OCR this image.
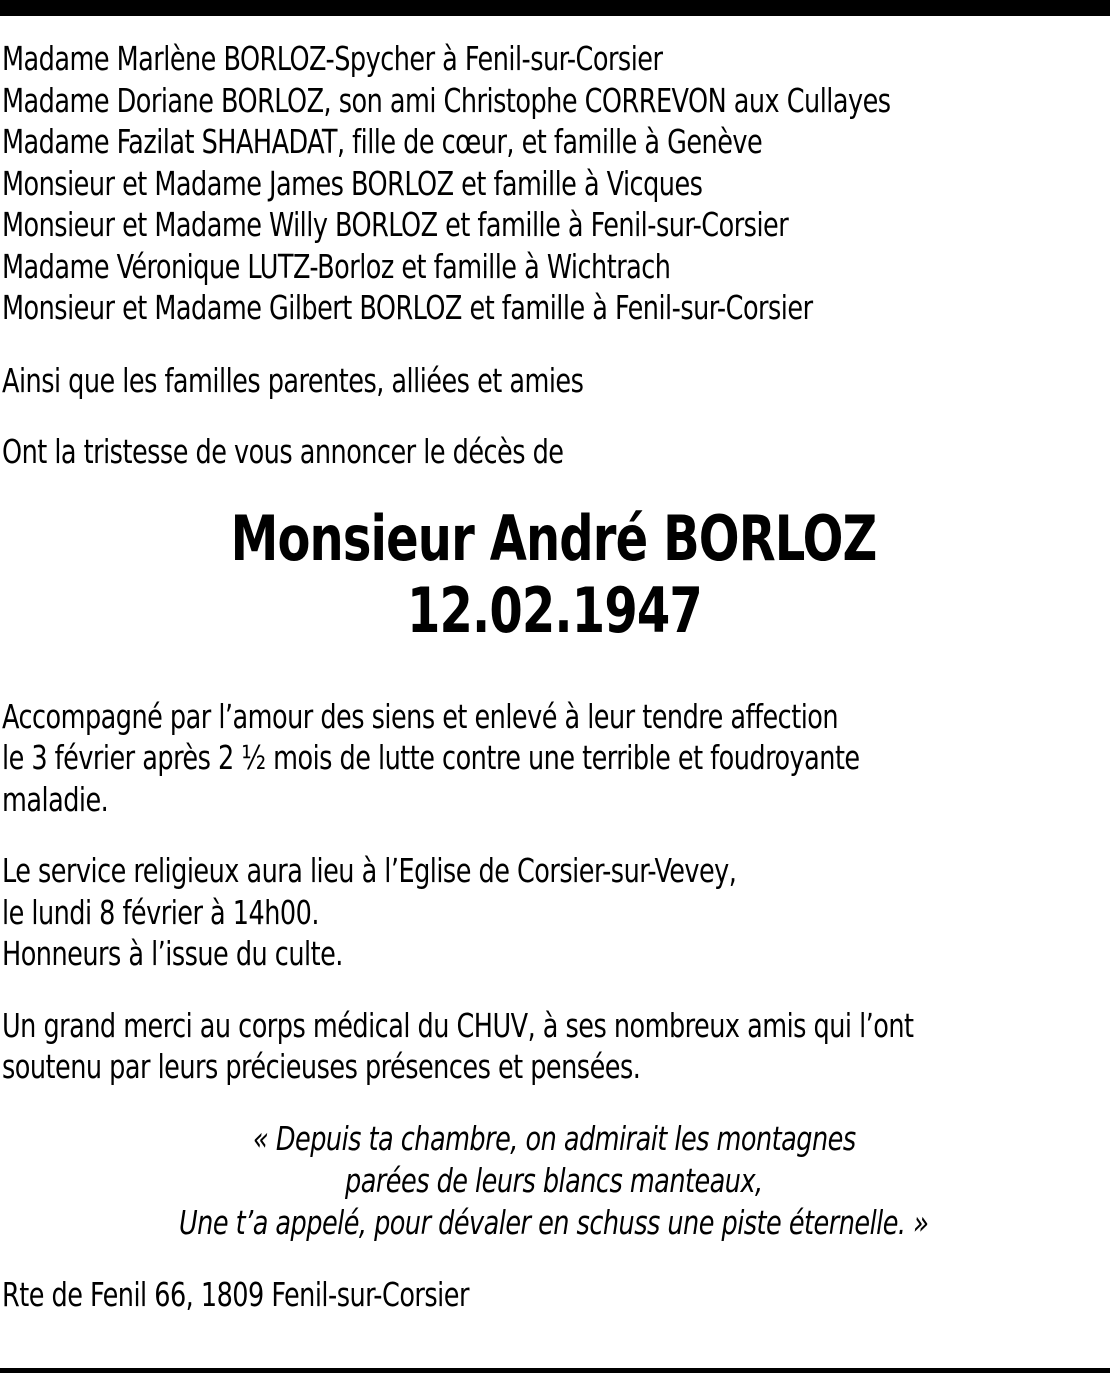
Madame Marlène BORLOZ-Spycher à Fenil-sur-Corsier
Madame Doriane BORLOZ, son ami Christophe CORREVON aux Cullayes
Madame Fazilat SHAHADAT, fille de cœur, et famille à Genève
Monsieur et Madame James BORLOZ et famille à Vicques
Monsieur et Madame Willy BORLOZ et famille à Fenil-sur-Corsier
Madame Véronique LUTZ-Borloz et famille à Wichtrach
Monsieur et Madame Gilbert BORLOZ et famille à Fenil-sur-Corsier
Ainsi que les familles parentes, alliées et amies
Ont la tristesse de vous annoncer le décès de
Monsieur André BORLOZ
12.02.1947
Accompagné par l’amour des siens et enlevé à leur tendre affection
le 3 février après 2 ½ mois de lutte contre une terrible et foudroyante
maladie.
Le service religieux aura lieu à l’Eglise de Corsier-sur-Vevey,
le lundi 8 février à 14h00.
Honneurs à l’issue du culte.
Un grand merci au corps médical du CHUV, à ses nombreux amis qui l’ont
soutenu par leurs précieuses présences et pensées.
« Depuis ta chambre, on admirait les montagnes
parées de leurs blancs manteaux,
Une t’a appelé, pour dévaler en schuss une piste éternelle. »
Rte de Fenil 66, 1809 Fenil-sur-Corsier
